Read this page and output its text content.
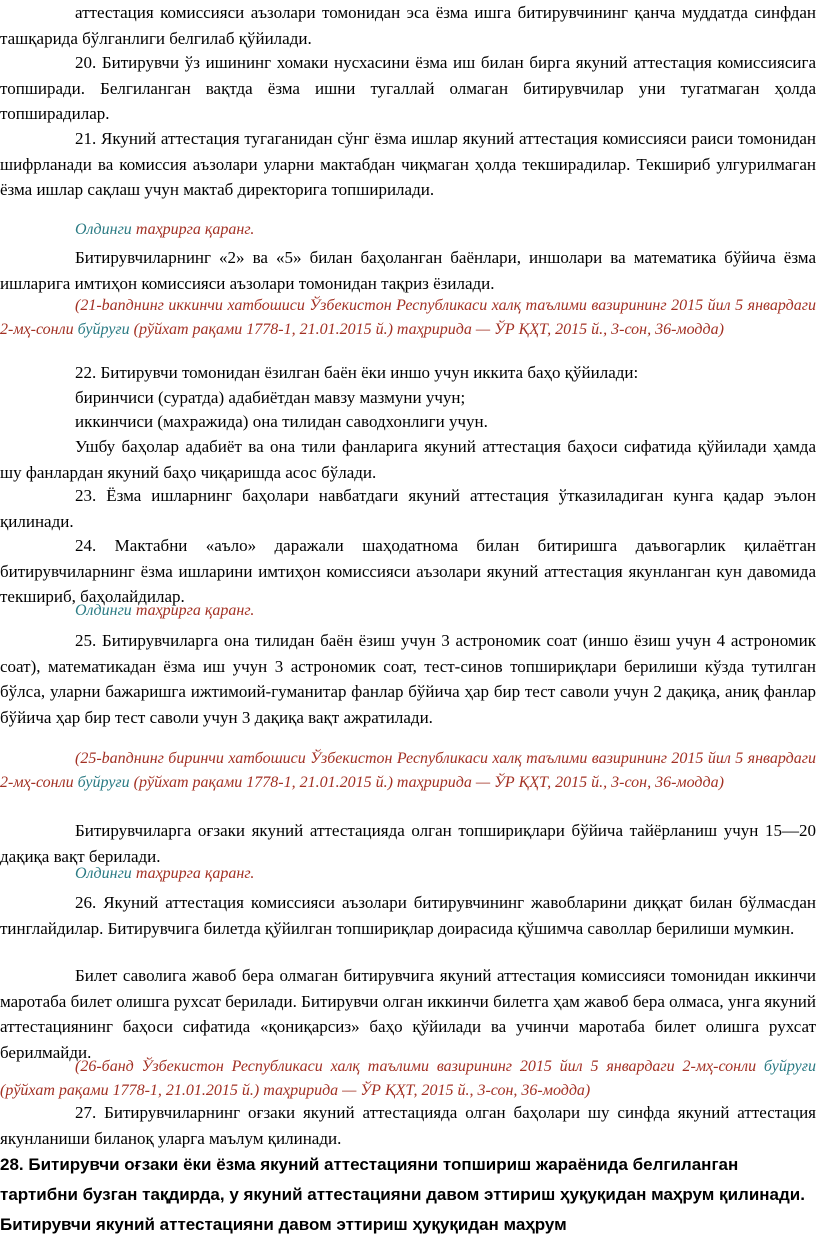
аттестация комиссияси аъзолари томонидан эса ёзма ишга битирувчининг қанча муддатда синфдан ташқарида бўлганлиги белгилаб қўйилади.

20. Битирувчи ўз ишининг хомаки нусхасини ёзма иш билан бирга якуний аттестация комиссиясига топширади. Белгиланган вақтда ёзма ишни тугаллай олмаган битирувчилар уни тугатмаган ҳолда топширадилар.

21. Якуний аттестация тугаганидан сўнг ёзма ишлар якуний аттестация комиссияси раиси томонидан шифрланади ва комиссия аъзолари уларни мактабдан чиқмаган ҳолда текширадилар. Текшириб улгурилмаган ёзма ишлар сақлаш учун мактаб директорига топширилади.

Олдинги таҳрирга қаранг.

Битирувчиларнинг «2» ва «5» билан баҳоланган баёнлари, иншолари ва математика бўйича ёзма ишларига имтиҳон комиссияси аъзолари томонидан тақриз ёзилади.

(21-banднинг иккинчи хатбошиси Ўзбекистон Республикаси халқ таълими вазирининг 2015 йил 5 январдаги 2-мҳ-сонли буйруғи (рўйхат рақами 1778-1, 21.01.2015 й.) таҳририда — ЎР ҚҲТ, 2015 й., 3-сон, 36-модда)

22. Битирувчи томонидан ёзилган баён ёки иншо учун иккита баҳо қўйилади:

биринчиси (суратда) адабиётдан мавзу мазмуни учун;

иккинчиси (махражида) она тилидан саводхонлиги учун.

Ушбу баҳолар адабиёт ва она тили фанларига якуний аттестация баҳоси сифатида қўйилади ҳамда шу фанлардан якуний баҳо чиқаришда асос бўлади.

23. Ёзма ишларнинг баҳолари навбатдаги якуний аттестация ўтказиладиган кунга қадар эълон қилинади.

24. Мактабни «аъло» даражали шаҳодатнома билан битиришга даъвогарлик қилаётган битирувчиларнинг ёзма ишларини имтиҳон комиссияси аъзолари якуний аттестация якунланган кун давомида текшириб, баҳолайдилар.

Олдинги таҳрирга қаранг.

25. Битирувчиларга она тилидан баён ёзиш учун 3 астрономик соат (иншо ёзиш учун 4 астрономик соат), математикадан ёзма иш учун 3 астрономик соат, тест-синов топшириқлари берилиши кўзда тутилган бўлса, уларни бажаришга ижтимоий-гуманитар фанлар бўйича ҳар бир тест саволи учун 2 дақиқа, аниқ фанлар бўйича ҳар бир тест саволи учун 3 дақиқа вақт ажратилади.

(25-banднинг биринчи хатбошиси Ўзбекистон Республикаси халқ таълими вазирининг 2015 йил 5 январдаги 2-мҳ-сонли буйруғи (рўйхат рақами 1778-1, 21.01.2015 й.) таҳририда — ЎР ҚҲТ, 2015 й., 3-сон, 36-модда)

Битирувчиларга оғзаки якуний аттестацияда олган топшириқлари бўйича тайёрланиш учун 15—20 дақиқа вақт берилади.

Олдинги таҳрирга қаранг.

26. Якуний аттестация комиссияси аъзолари битирувчининг жавобларини диққат билан бўлмасдан тинглайдилар. Битирувчига билетда қўйилган топшириқлар доирасида қўшимча саволлар берилиши мумкин.

Билет саволига жавоб бера олмаган битирувчига якуний аттестация комиссияси томонидан иккинчи маротаба билет олишга рухсат берилади. Битирувчи олган иккинчи билетга ҳам жавоб бера олмаса, унга якуний аттестациянинг баҳоси сифатида «қониқарсиз» баҳо қўйилади ва учинчи маротаба билет олишга рухсат берилмайди.

(26-банд Ўзбекистон Республикаси халқ таълими вазирининг 2015 йил 5 январдаги 2-мҳ-сонли буйруғи (рўйхат рақами 1778-1, 21.01.2015 й.) таҳририда — ЎР ҚҲТ, 2015 й., 3-сон, 36-модда)

27. Битирувчиларнинг оғзаки якуний аттестацияда олган баҳолари шу синфда якуний аттестация якунланиши биланоқ уларга маълум қилинади.

28. Битирувчи оғзаки ёки ёзма якуний аттестацияни топшириш жараёнида белгиланган тартибни бузган тақдирда, у якуний аттестацияни давом эттириш ҳуқуқидан маҳрум қилинади. Битирувчи якуний аттестацияни давом эттириш ҳуқуқидан маҳрум
